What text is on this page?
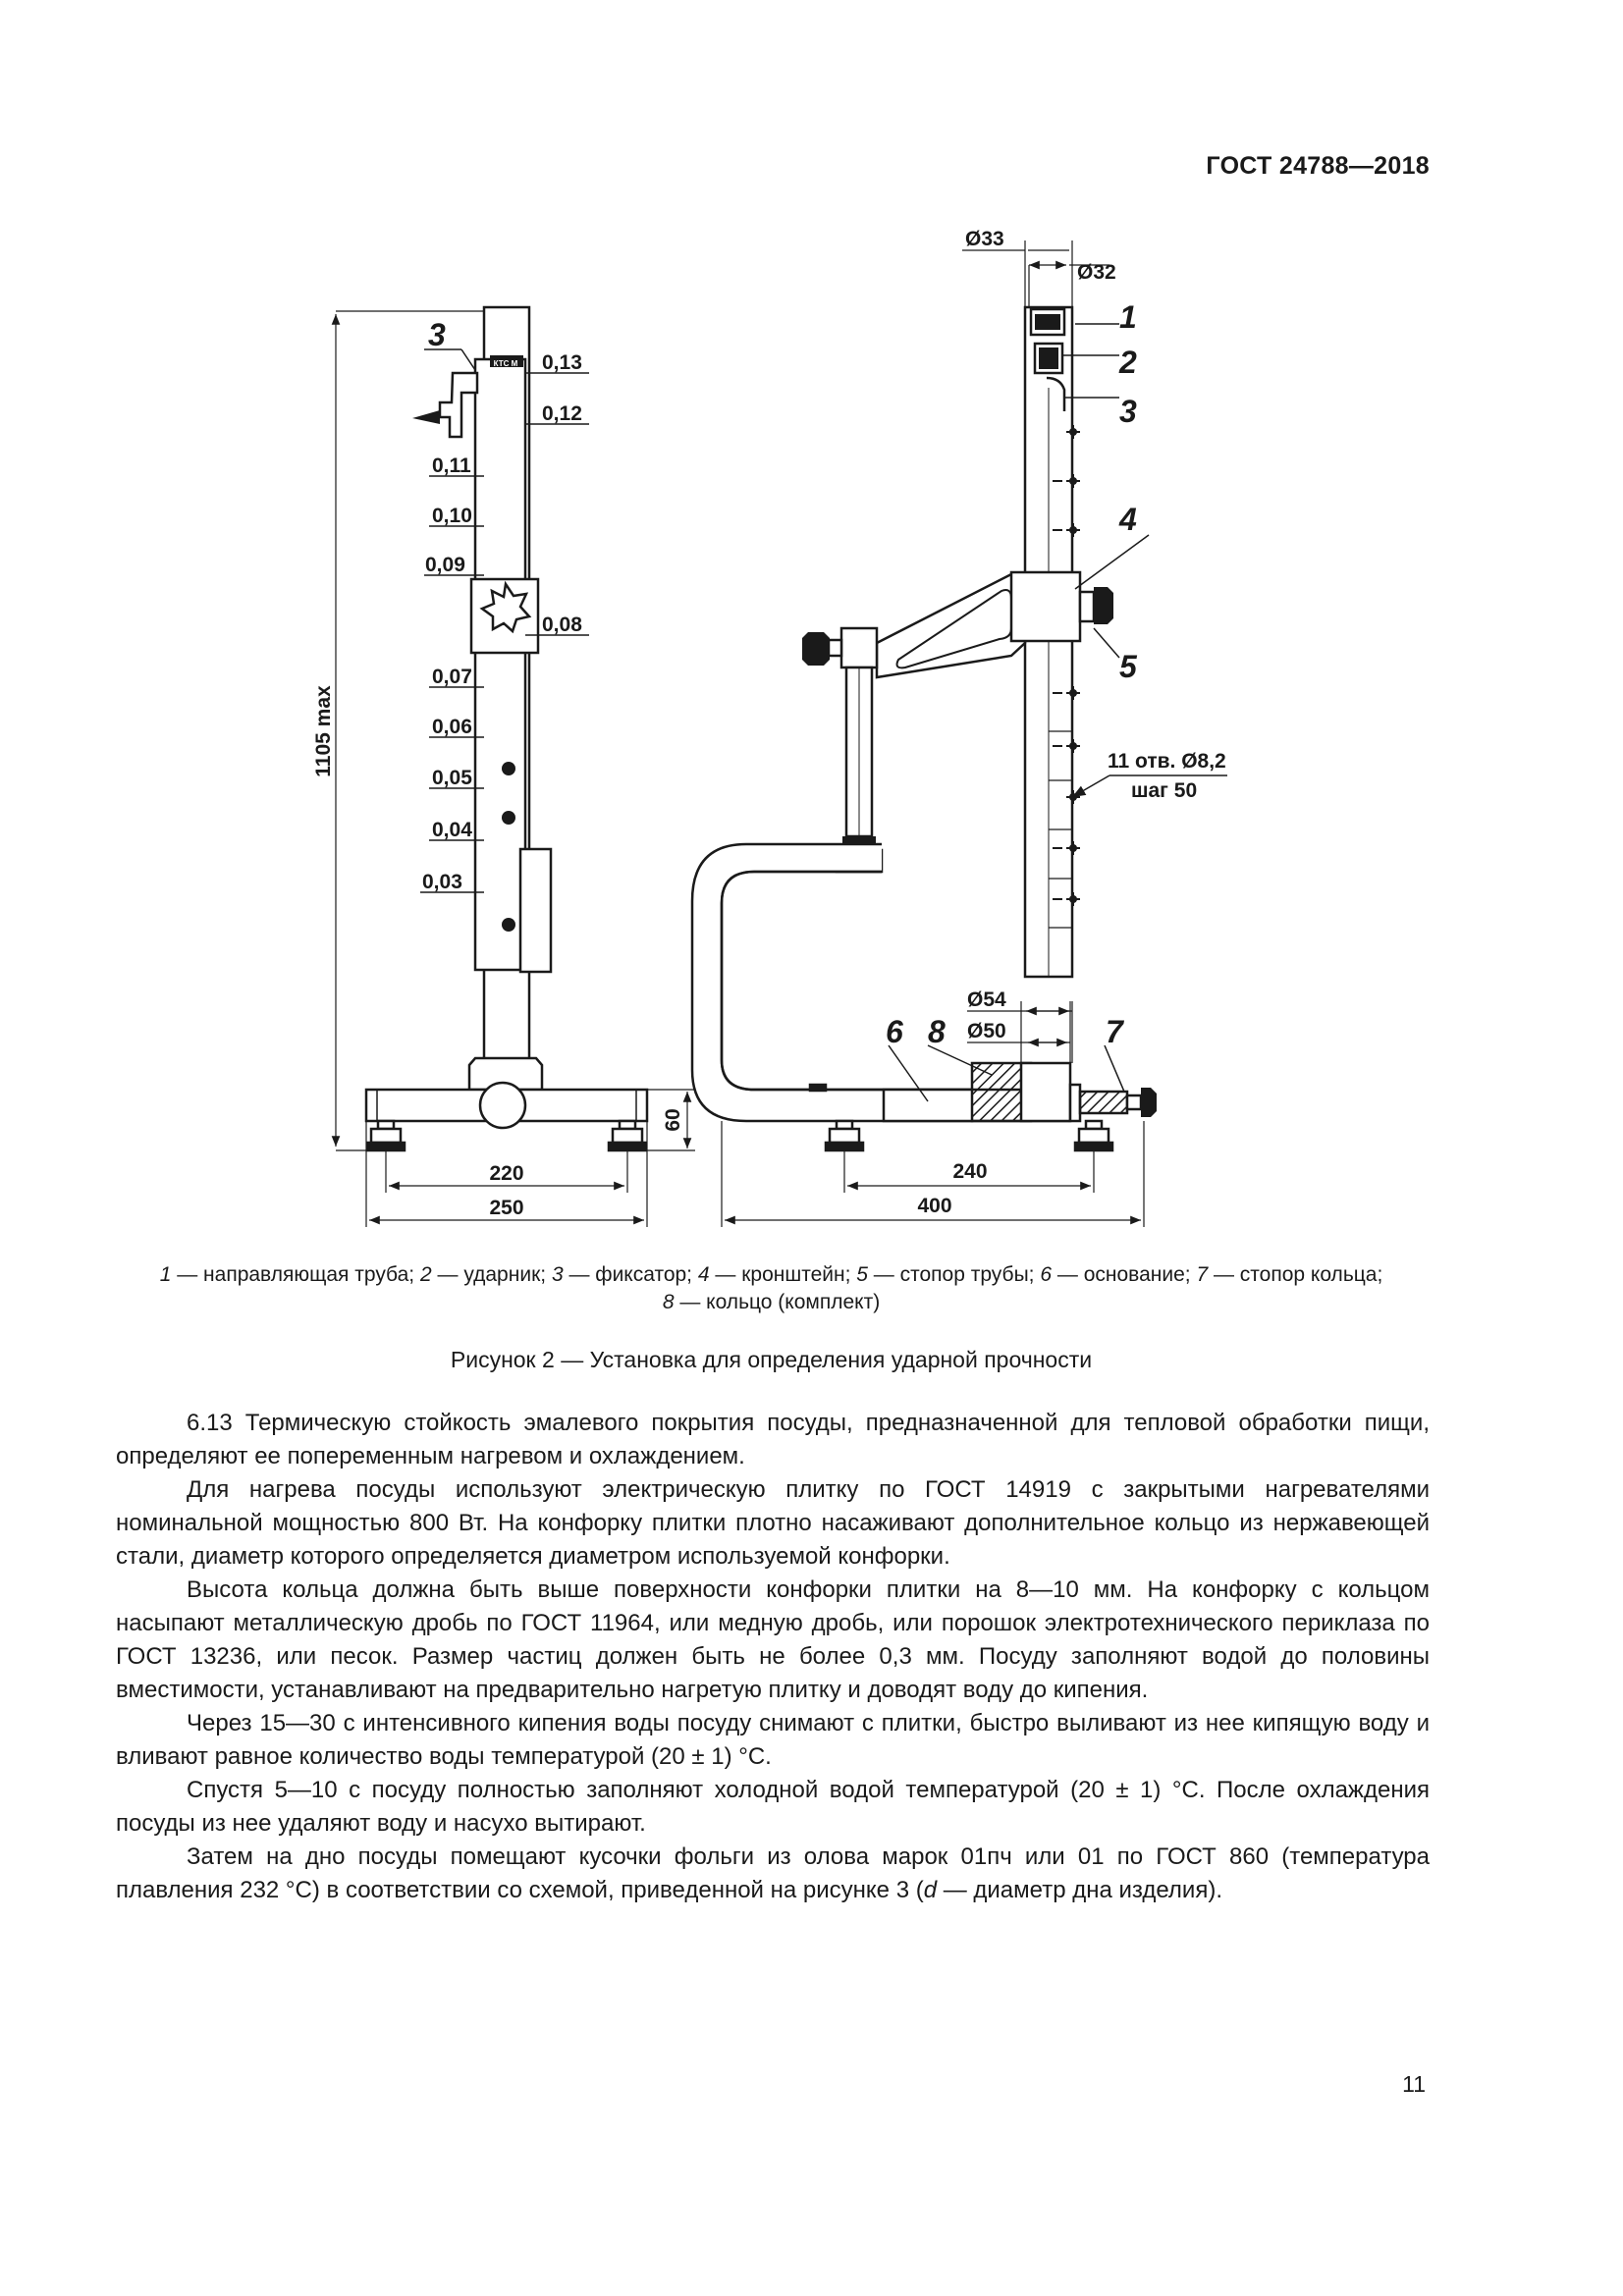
ГОСТ 24788—2018
1105 max
60
220
250
3
КТС М 0,13
0,12
0,11
0,10
0,09
0,08
0,07
0,06
0,05
0,04
0,03
Ø33
Ø32
Ø54
Ø50
11 отв. Ø8,2
шаг 50
240
400
1
2
3
4
5
6 8	7
1 — направляющая труба; 2 — ударник; 3 — фиксатор; 4 — кронштейн; 5 — стопор трубы; 6 — основание; 7 — стопор кольца;
8 — кольцо (комплект)
Рисунок 2 — Установка для определения ударной прочности

6.13 Термическую стойкость эмалевого покрытия посуды, предназначенной для тепловой обработки пищи, определяют ее попеременным нагревом и охлаждением.

Для нагрева посуды используют электрическую плитку по ГОСТ 14919 с закрытыми нагревателями номинальной мощностью 800 Вт. На конфорку плитки плотно насаживают дополнительное кольцо из нержавеющей стали, диаметр которого определяется диаметром используемой конфорки.

Высота кольца должна быть выше поверхности конфорки плитки на 8—10 мм. На конфорку с кольцом насыпают металлическую дробь по ГОСТ 11964, или медную дробь, или порошок электротехнического периклаза по ГОСТ 13236, или песок. Размер частиц должен быть не более 0,3 мм. Посуду заполняют водой до половины вместимости, устанавливают на предварительно нагретую плитку и доводят воду до кипения.

Через 15—30 с интенсивного кипения воды посуду снимают с плитки, быстро выливают из нее кипящую воду и вливают равное количество воды температурой (20 ± 1) °С.

Спустя 5—10 с посуду полностью заполняют холодной водой температурой (20 ± 1) °С. После охлаждения посуды из нее удаляют воду и насухо вытирают.

Затем на дно посуды помещают кусочки фольги из олова марок 01пч или 01 по ГОСТ 860 (температура плавления 232 °С) в соответствии со схемой, приведенной на рисунке 3 (d — диаметр дна изделия).

11
